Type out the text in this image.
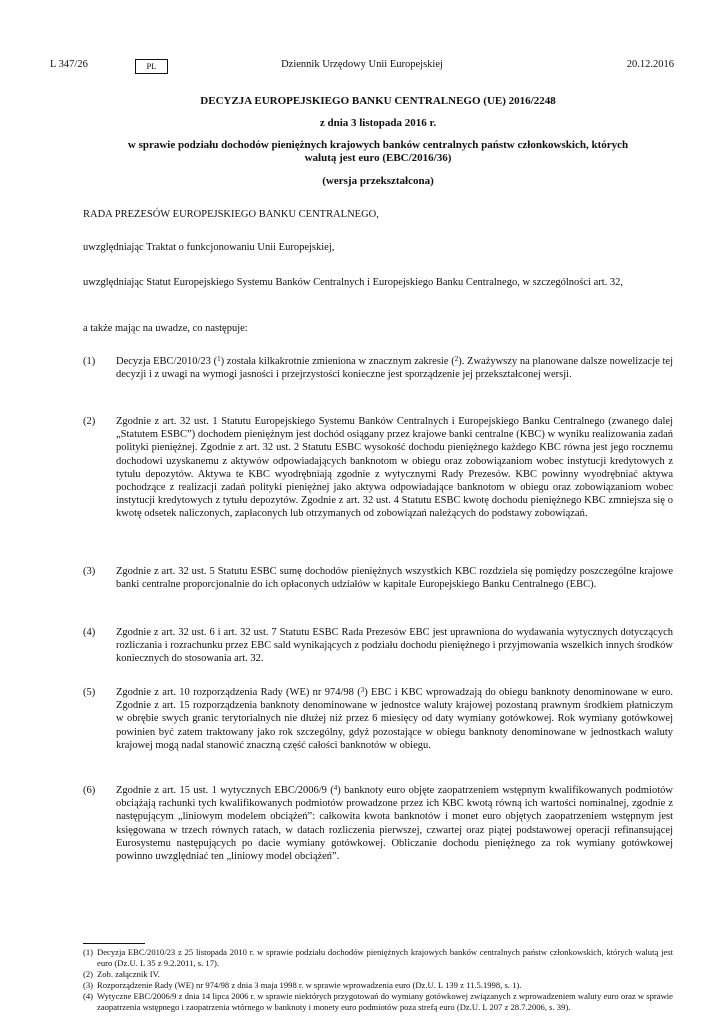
L 347/26	PL	Dziennik Urzędowy Unii Europejskiej	20.12.2016
DECYZJA EUROPEJSKIEGO BANKU CENTRALNEGO (UE) 2016/2248
z dnia 3 listopada 2016 r.
w sprawie podziału dochodów pieniężnych krajowych banków centralnych państw członkowskich, których walutą jest euro (EBC/2016/36)
(wersja przekształcona)

RADA PREZESÓW EUROPEJSKIEGO BANKU CENTRALNEGO,

uwzględniając Traktat o funkcjonowaniu Unii Europejskiej,

uwzględniając Statut Europejskiego Systemu Banków Centralnych i Europejskiego Banku Centralnego, w szczególności art. 32,

a także mając na uwadze, co następuje:

(1) Decyzja EBC/2010/23 ($^1$) została kilkakrotnie zmieniona w znacznym zakresie ($^2$). Zważywszy na planowane dalsze nowelizacje tej decyzji i z uwagi na wymogi jasności i przejrzystości konieczne jest sporządzenie jej przekształconej wersji.

(2) Zgodnie z art. 32 ust. 1 Statutu Europejskiego Systemu Banków Centralnych i Europejskiego Banku Centralnego (zwanego dalej „Statutem ESBC”) dochodem pieniężnym jest dochód osiągany przez krajowe banki centralne (KBC) w wyniku realizowania zadań polityki pieniężnej. Zgodnie z art. 32 ust. 2 Statutu ESBC wysokość dochodu pieniężnego każdego KBC równa jest jego rocznemu dochodowi uzyskanemu z aktywów odpowiadających banknotom w obiegu oraz zobowiązaniom wobec instytucji kredytowych z tytułu depozytów. Aktywa te KBC wyodrębniają zgodnie z wytycznymi Rady Prezesów. KBC powinny wyodrębniać aktywa pochodzące z realizacji zadań polityki pieniężnej jako aktywa odpowiadające banknotom w obiegu oraz zobowiązaniom wobec instytucji kredytowych z tytułu depozytów. Zgodnie z art. 32 ust. 4 Statutu ESBC kwotę dochodu pieniężnego KBC zmniejsza się o kwotę odsetek naliczonych, zapłaconych lub otrzymanych od zobowiązań należących do podstawy zobowiązań.

(3) Zgodnie z art. 32 ust. 5 Statutu ESBC sumę dochodów pieniężnych wszystkich KBC rozdziela się pomiędzy poszczególne krajowe banki centralne proporcjonalnie do ich opłaconych udziałów w kapitale Europejskiego Banku Centralnego (EBC).

(4) Zgodnie z art. 32 ust. 6 i art. 32 ust. 7 Statutu ESBC Rada Prezesów EBC jest uprawniona do wydawania wytycznych dotyczących rozliczania i rozrachunku przez EBC sald wynikających z podziału dochodu pieniężnego i przyjmowania wszelkich innych środków koniecznych do stosowania art. 32.

(5) Zgodnie z art. 10 rozporządzenia Rady (WE) nr 974/98 ($^3$) EBC i KBC wprowadzają do obiegu banknoty denominowane w euro. Zgodnie z art. 15 rozporządzenia banknoty denominowane w jednostce waluty krajowej pozostaną prawnym środkiem płatniczym w obrębie swych granic terytorialnych nie dłużej niż przez 6 miesięcy od daty wymiany gotówkowej. Rok wymiany gotówkowej powinien być zatem traktowany jako rok szczególny, gdyż pozostające w obiegu banknoty denominowane w jednostkach waluty krajowej mogą nadal stanowić znaczną część całości banknotów w obiegu.

(6) Zgodnie z art. 15 ust. 1 wytycznych EBC/2006/9 ($^4$) banknoty euro objęte zaopatrzeniem wstępnym kwalifikowanych podmiotów obciążają rachunki tych kwalifikowanych podmiotów prowadzone przez ich KBC kwotą równą ich wartości nominalnej, zgodnie z następującym „liniowym modelem obciążeń”: całkowita kwota banknotów i monet euro objętych zaopatrzeniem wstępnym jest księgowana w trzech równych ratach, w datach rozliczenia pierwszej, czwartej oraz piątej podstawowej operacji refinansującej Eurosystemu następujących po dacie wymiany gotówkowej. Obliczanie dochodu pieniężnego za rok wymiany gotówkowej powinno uwzględniać ten „liniowy model obciążeń”.

(1) Decyzja EBC/2010/23 z 25 listopada 2010 r. w sprawie podziału dochodów pieniężnych krajowych banków centralnych państw członkowskich, których walutą jest euro (Dz.U. L 35 z 9.2.2011, s. 17).

(2) Zob. załącznik IV.

(3) Rozporządzenie Rady (WE) nr 974/98 z dnia 3 maja 1998 r. w sprawie wprowadzenia euro (Dz.U. L 139 z 11.5.1998, s. 1).

(4) Wytyczne EBC/2006/9 z dnia 14 lipca 2006 r. w sprawie niektórych przygotowań do wymiany gotówkowej związanych z wprowadzeniem waluty euro oraz w sprawie zaopatrzenia wstępnego i zaopatrzenia wtórnego w banknoty i monety euro podmiotów poza strefą euro (Dz.U. L 207 z 28.7.2006, s. 39).
